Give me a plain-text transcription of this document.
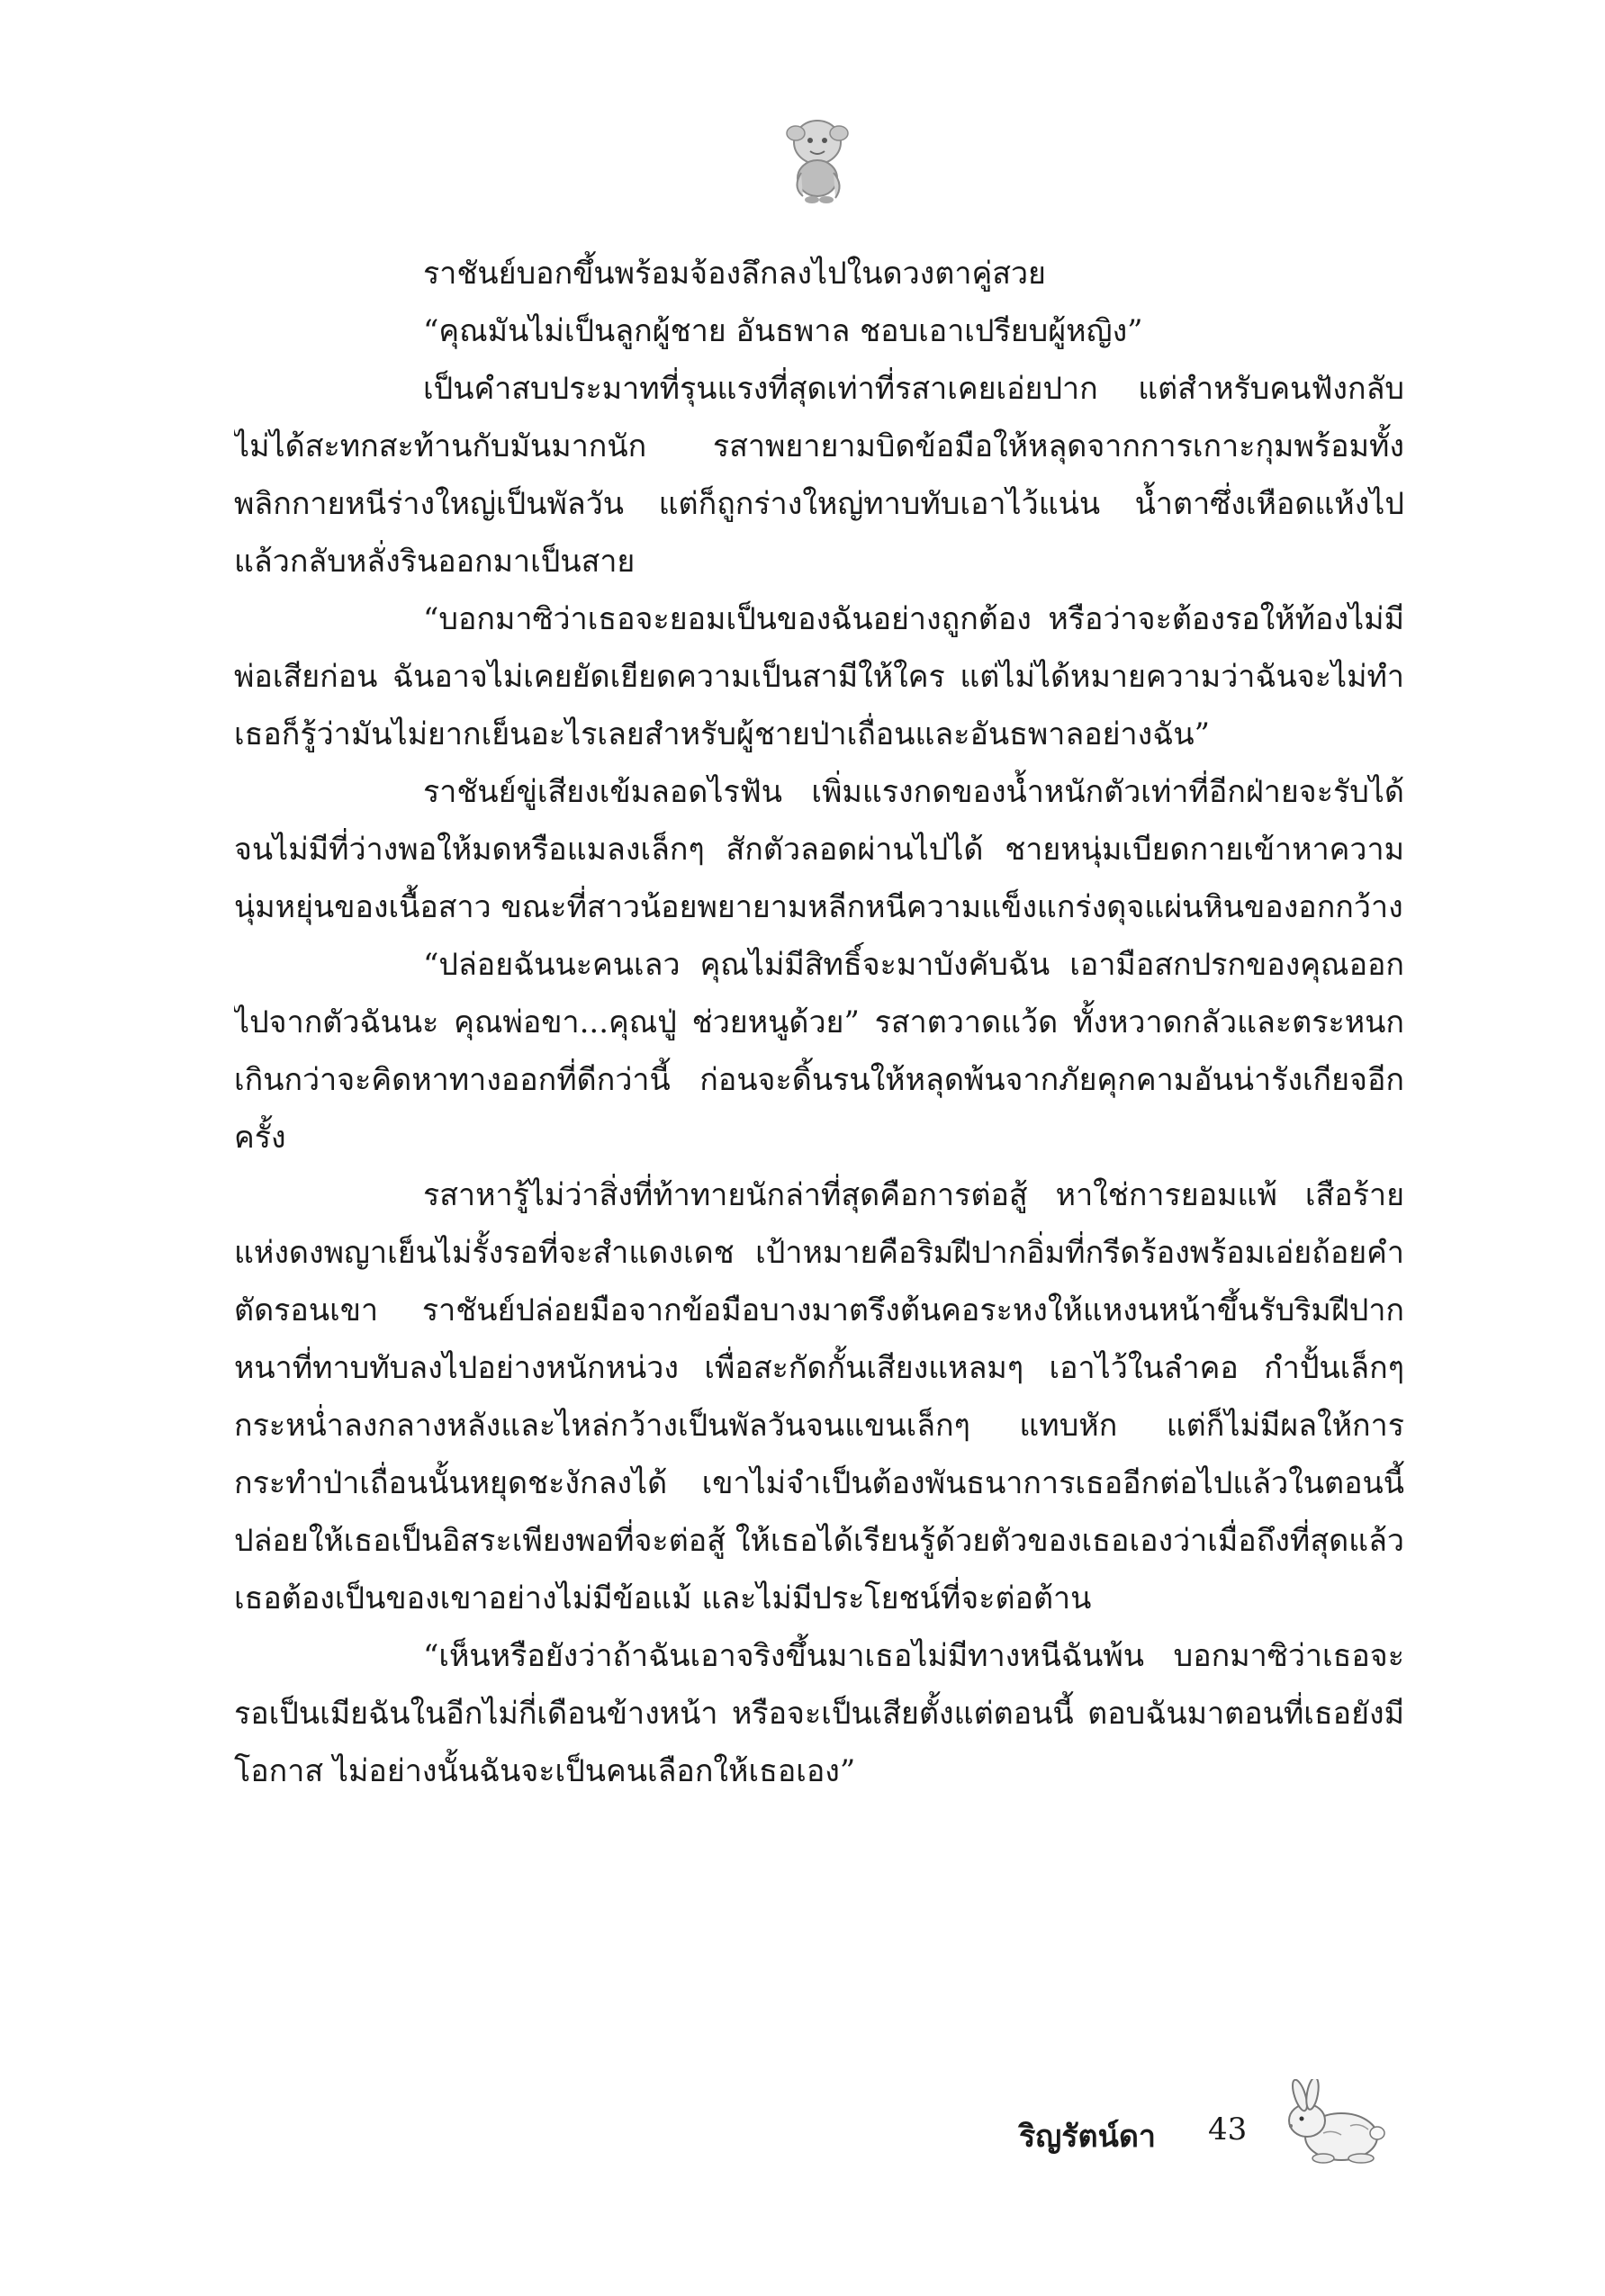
ราชันย์บอกขึ้นพร้อมจ้องลึกลงไปในดวงตาคู่สวย

“คุณมันไม่เป็นลูกผู้ชาย อันธพาล ชอบเอาเปรียบผู้หญิง”

เป็นคำสบประมาทที่รุนแรงที่สุดเท่าที่รสาเคยเอ่ยปาก แต่สำหรับคนฟังกลับไม่ได้สะทกสะท้านกับมันมากนัก รสาพยายามบิดข้อมือให้หลุดจากการเกาะกุมพร้อมทั้งพลิกกายหนีร่างใหญ่เป็นพัลวัน แต่ก็ถูกร่างใหญ่ทาบทับเอาไว้แน่น น้ำตาซึ่งเหือดแห้งไปแล้วกลับหลั่งรินออกมาเป็นสาย

“บอกมาซิว่าเธอจะยอมเป็นของฉันอย่างถูกต้อง หรือว่าจะต้องรอให้ท้องไม่มีพ่อเสียก่อน ฉันอาจไม่เคยยัดเยียดความเป็นสามีให้ใคร แต่ไม่ได้หมายความว่าฉันจะไม่ทำ เธอก็รู้ว่ามันไม่ยากเย็นอะไรเลยสำหรับผู้ชายป่าเถื่อนและอันธพาลอย่างฉัน”

ราชันย์ขู่เสียงเข้มลอดไรฟัน เพิ่มแรงกดของน้ำหนักตัวเท่าที่อีกฝ่ายจะรับได้ จนไม่มีที่ว่างพอให้มดหรือแมลงเล็กๆ สักตัวลอดผ่านไปได้ ชายหนุ่มเบียดกายเข้าหาความนุ่มหยุ่นของเนื้อสาว ขณะที่สาวน้อยพยายามหลีกหนีความแข็งแกร่งดุจแผ่นหินของอกกว้าง

“ปล่อยฉันนะคนเลว คุณไม่มีสิทธิ์จะมาบังคับฉัน เอามือสกปรกของคุณออกไปจากตัวฉันนะ คุณพ่อขา...คุณปู่ ช่วยหนูด้วย” รสาตวาดแว้ด ทั้งหวาดกลัวและตระหนกเกินกว่าจะคิดหาทางออกที่ดีกว่านี้ ก่อนจะดิ้นรนให้หลุดพ้นจากภัยคุกคามอันน่ารังเกียจอีกครั้ง

รสาหารู้ไม่ว่าสิ่งที่ท้าทายนักล่าที่สุดคือการต่อสู้ หาใช่การยอมแพ้ เสือร้ายแห่งดงพญาเย็นไม่รั้งรอที่จะสำแดงเดช เป้าหมายคือริมฝีปากอิ่มที่กรีดร้องพร้อมเอ่ยถ้อยคำตัดรอนเขา ราชันย์ปล่อยมือจากข้อมือบางมาตรึงต้นคอระหงให้แหงนหน้าขึ้นรับริมฝีปากหนาที่ทาบทับลงไปอย่างหนักหน่วง เพื่อสะกัดกั้นเสียงแหลมๆ เอาไว้ในลำคอ กำปั้นเล็กๆ กระหน่ำลงกลางหลังและไหล่กว้างเป็นพัลวันจนแขนเล็กๆ แทบหัก แต่ก็ไม่มีผลให้การกระทำป่าเถื่อนนั้นหยุดชะงักลงได้ เขาไม่จำเป็นต้องพันธนาการเธออีกต่อไปแล้วในตอนนี้ ปล่อยให้เธอเป็นอิสระเพียงพอที่จะต่อสู้ ให้เธอได้เรียนรู้ด้วยตัวของเธอเองว่าเมื่อถึงที่สุดแล้ว เธอต้องเป็นของเขาอย่างไม่มีข้อแม้ และไม่มีประโยชน์ที่จะต่อต้าน

“เห็นหรือยังว่าถ้าฉันเอาจริงขึ้นมาเธอไม่มีทางหนีฉันพ้น บอกมาซิว่าเธอจะรอเป็นเมียฉันในอีกไม่กี่เดือนข้างหน้า หรือจะเป็นเสียตั้งแต่ตอนนี้ ตอบฉันมาตอนที่เธอยังมีโอกาส ไม่อย่างนั้นฉันจะเป็นคนเลือกให้เธอเอง”

ริญรัตน์ดา 43
